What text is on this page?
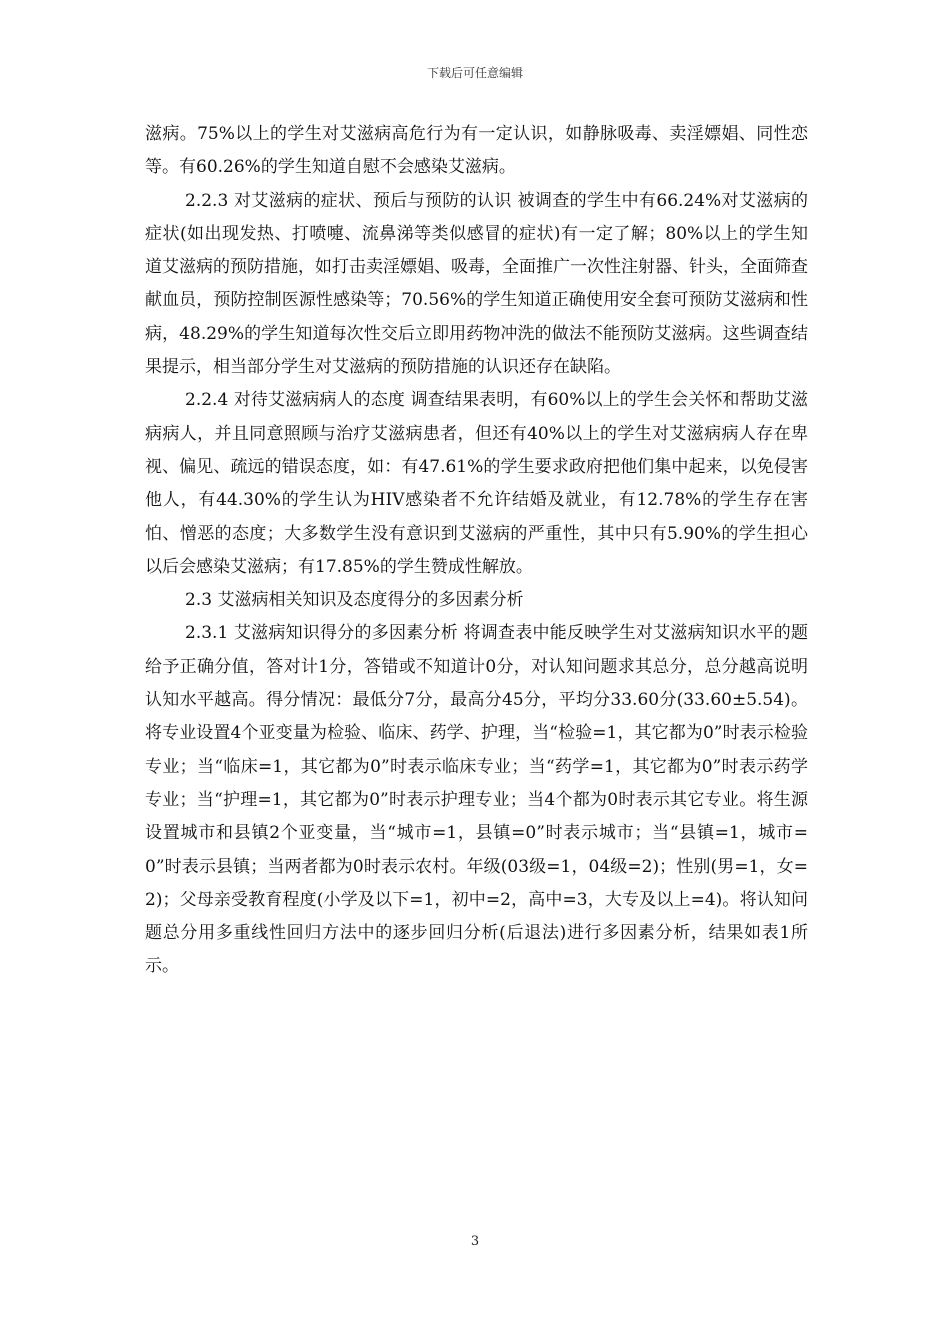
下载后可任意编辑

滋病。75%以上的学生对艾滋病高危行为有一定认识，如静脉吸毒、卖淫嫖娼、同性恋等。有60.26%的学生知道自慰不会感染艾滋病。

2.2.3 对艾滋病的症状、预后与预防的认识 被调查的学生中有66.24%对艾滋病的症状(如出现发热、打喷嚏、流鼻涕等类似感冒的症状)有一定了解；80%以上的学生知道艾滋病的预防措施，如打击卖淫嫖娼、吸毒，全面推广一次性注射器、针头，全面筛查献血员，预防控制医源性感染等；70.56%的学生知道正确使用安全套可预防艾滋病和性病，48.29%的学生知道每次性交后立即用药物冲洗的做法不能预防艾滋病。这些调查结果提示，相当部分学生对艾滋病的预防措施的认识还存在缺陷。

2.2.4 对待艾滋病病人的态度 调查结果表明，有60%以上的学生会关怀和帮助艾滋病病人，并且同意照顾与治疗艾滋病患者，但还有40%以上的学生对艾滋病病人存在卑视、偏见、疏远的错误态度，如：有47.61%的学生要求政府把他们集中起来，以免侵害他人，有44.30%的学生认为HIV感染者不允许结婚及就业，有12.78%的学生存在害怕、憎恶的态度；大多数学生没有意识到艾滋病的严重性，其中只有5.90%的学生担心以后会感染艾滋病；有17.85%的学生赞成性解放。

2.3 艾滋病相关知识及态度得分的多因素分析

2.3.1 艾滋病知识得分的多因素分析 将调查表中能反映学生对艾滋病知识水平的题给予正确分值，答对计1分，答错或不知道计0分，对认知问题求其总分，总分越高说明认知水平越高。得分情况：最低分7分，最高分45分，平均分33.60分(33.60±5.54)。将专业设置4个亚变量为检验、临床、药学、护理，当“检验=1，其它都为0”时表示检验专业；当“临床=1，其它都为0”时表示临床专业；当“药学=1，其它都为0”时表示药学专业；当“护理=1，其它都为0”时表示护理专业；当4个都为0时表示其它专业。将生源设置城市和县镇2个亚变量，当“城市=1，县镇=0”时表示城市；当“县镇=1，城市=0”时表示县镇；当两者都为0时表示农村。年级(03级=1，04级=2)；性别(男=1，女=2)；父母亲受教育程度(小学及以下=1，初中=2，高中=3，大专及以上=4)。将认知问题总分用多重线性回归方法中的逐步回归分析(后退法)进行多因素分析，结果如表1所示。

3
